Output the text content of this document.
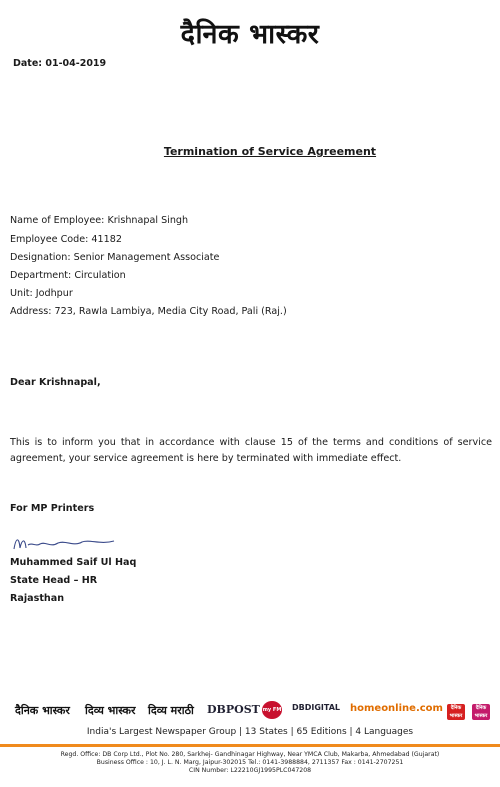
दैनिक भास्कर
Date: 01-04-2019
Termination of Service Agreement
Name of Employee: Krishnapal Singh
Employee Code: 41182
Designation: Senior Management Associate
Department: Circulation
Unit: Jodhpur
Address: 723, Rawla Lambiya, Media City Road, Pali (Raj.)
Dear Krishnapal,
This is to inform you that in accordance with clause 15 of the terms and conditions of service agreement, your service agreement is here by terminated with immediate effect.
For MP Printers
Muhammed Saif Ul Haq
State Head – HR
Rajasthan
दैनिक भास्कर दिव्य भास्कर दिव्य मराठी DBPOST my FM DBDIGITAL homeonline.com	दैनिक भास्कर
दैनिक भास्कर
India's Largest Newspaper Group | 13 States | 65 Editions | 4 Languages
Regd. Office: DB Corp Ltd., Plot No. 280, Sarkhej- Gandhinagar Highway, Near YMCA Club, Makarba, Ahmedabad (Gujarat)
Business Office : 10, J. L. N. Marg, Jaipur-302015 Tel.: 0141-3988884, 2711357 Fax : 0141-2707251
CIN Number: L22210GJ1995PLC047208
